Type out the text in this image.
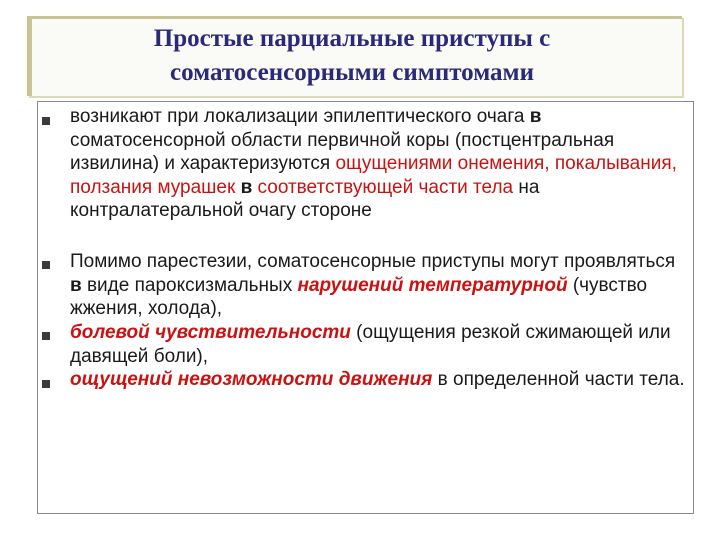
Простые парциальные приступы с
соматосенсорными симптомами

возникают при локализации эпилептического очага в соматосенсорной области первичной коры (постцентральная извилина) и характеризуются ощущениями онемения, покалывания, ползания мурашек в соответствующей части тела на контралатеральной очагу стороне

Помимо парестезии, соматосенсорные приступы могут проявляться в виде пароксизмальных нарушений температурной (чувство жжения, холода),

болевой чувствительности (ощущения резкой сжимающей или давящей боли),

ощущений невозможности движения в определенной части тела.
